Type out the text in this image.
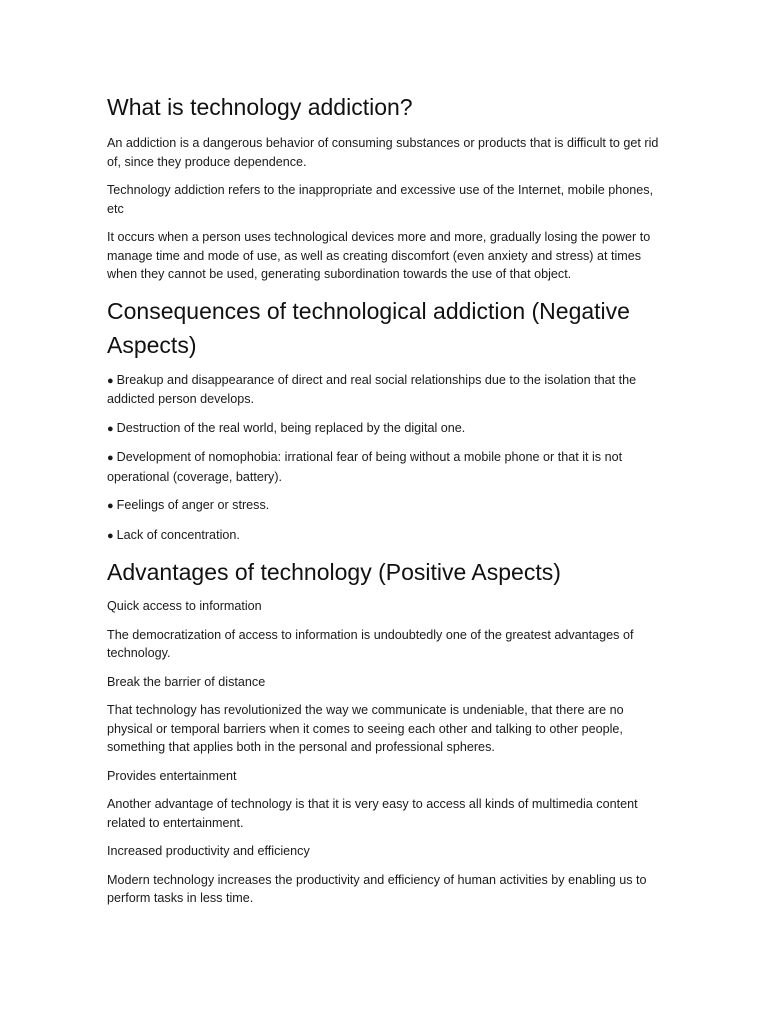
What is technology addiction?

An addiction is a dangerous behavior of consuming substances or products that is difficult to get rid of, since they produce dependence.

Technology addiction refers to the inappropriate and excessive use of the Internet, mobile phones, etc

It occurs when a person uses technological devices more and more, gradually losing the power to manage time and mode of use, as well as creating discomfort (even anxiety and stress) at times when they cannot be used, generating subordination towards the use of that object.

Consequences of technological addiction (Negative Aspects)

● Breakup and disappearance of direct and real social relationships due to the isolation that the addicted person develops.

● Destruction of the real world, being replaced by the digital one.

● Development of nomophobia: irrational fear of being without a mobile phone or that it is not operational (coverage, battery).

● Feelings of anger or stress.

● Lack of concentration.

Advantages of technology (Positive Aspects)

Quick access to information

The democratization of access to information is undoubtedly one of the greatest advantages of technology.

Break the barrier of distance

That technology has revolutionized the way we communicate is undeniable, that there are no physical or temporal barriers when it comes to seeing each other and talking to other people, something that applies both in the personal and professional spheres.

Provides entertainment

Another advantage of technology is that it is very easy to access all kinds of multimedia content related to entertainment.

Increased productivity and efficiency

Modern technology increases the productivity and efficiency of human activities by enabling us to perform tasks in less time.
